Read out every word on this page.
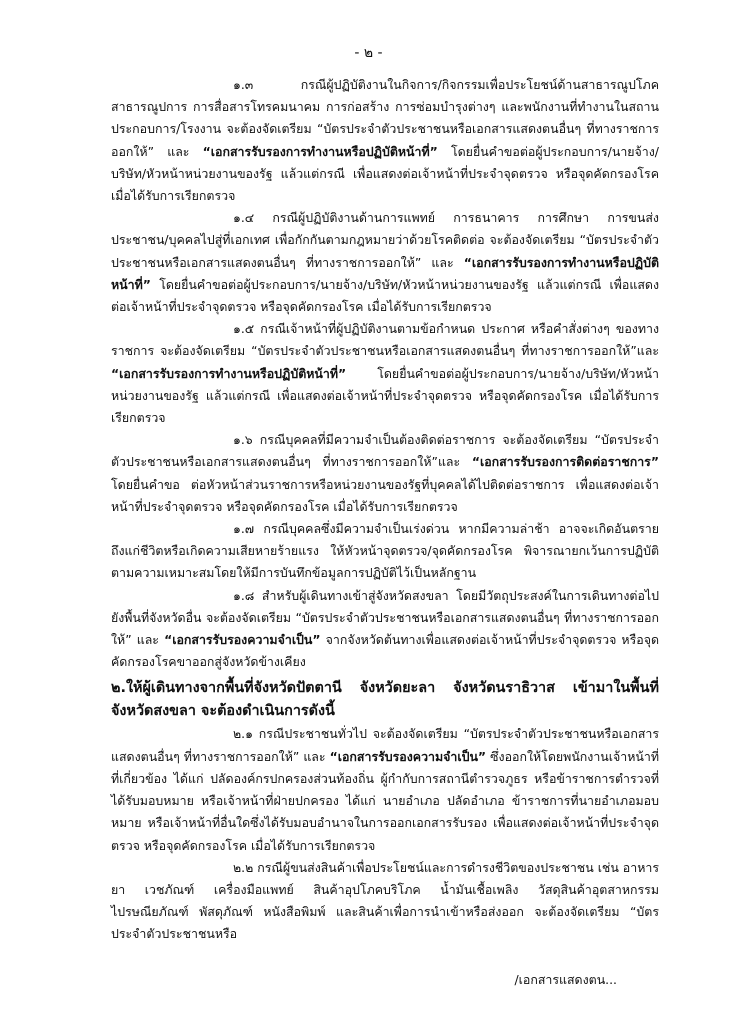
- ๒ -

๑.๓ กรณีผู้ปฏิบัติงานในกิจการ/กิจกรรมเพื่อประโยชน์ด้านสาธารณูปโภค สาธารณูปการ การสื่อสารโทรคมนาคม การก่อสร้าง การซ่อมบำรุงต่างๆ และพนักงานที่ทำงานในสถานประกอบการ/โรงงาน จะต้องจัดเตรียม “บัตรประจำตัวประชาชนหรือเอกสารแสดงตนอื่นๆ ที่ทางราชการออกให้” และ “เอกสารรับรองการทำงานหรือปฏิบัติหน้าที่” โดยยื่นคำขอต่อผู้ประกอบการ/นายจ้าง/บริษัท/หัวหน้าหน่วยงานของรัฐ แล้วแต่กรณี เพื่อแสดงต่อเจ้าหน้าที่ประจำจุดตรวจ หรือจุดคัดกรองโรค เมื่อได้รับการเรียกตรวจ

๑.๔ กรณีผู้ปฏิบัติงานด้านการแพทย์ การธนาคาร การศึกษา การขนส่งประชาชน/บุคคลไปสู่ที่เอกเทศ เพื่อกักกันตามกฎหมายว่าด้วยโรคติดต่อ จะต้องจัดเตรียม “บัตรประจำตัวประชาชนหรือเอกสารแสดงตนอื่นๆ ที่ทางราชการออกให้” และ “เอกสารรับรองการทำงานหรือปฏิบัติหน้าที่” โดยยื่นคำขอต่อผู้ประกอบการ/นายจ้าง/บริษัท/หัวหน้าหน่วยงานของรัฐ แล้วแต่กรณี เพื่อแสดงต่อเจ้าหน้าที่ประจำจุดตรวจ หรือจุดคัดกรองโรค เมื่อได้รับการเรียกตรวจ

๑.๕ กรณีเจ้าหน้าที่ผู้ปฏิบัติงานตามข้อกำหนด ประกาศ หรือคำสั่งต่างๆ ของทางราชการ จะต้องจัดเตรียม “บัตรประจำตัวประชาชนหรือเอกสารแสดงตนอื่นๆ ที่ทางราชการออกให้”และ “เอกสารรับรองการทำงานหรือปฏิบัติหน้าที่” โดยยื่นคำขอต่อผู้ประกอบการ/นายจ้าง/บริษัท/หัวหน้าหน่วยงานของรัฐ แล้วแต่กรณี เพื่อแสดงต่อเจ้าหน้าที่ประจำจุดตรวจ หรือจุดคัดกรองโรค เมื่อได้รับการเรียกตรวจ

๑.๖ กรณีบุคคลที่มีความจำเป็นต้องติดต่อราชการ จะต้องจัดเตรียม “บัตรประจำตัวประชาชนหรือเอกสารแสดงตนอื่นๆ ที่ทางราชการออกให้”และ “เอกสารรับรองการติดต่อราชการ” โดยยื่นคำขอ ต่อหัวหน้าส่วนราชการหรือหน่วยงานของรัฐที่บุคคลได้ไปติดต่อราชการ เพื่อแสดงต่อเจ้าหน้าที่ประจำจุดตรวจ หรือจุดคัดกรองโรค เมื่อได้รับการเรียกตรวจ

๑.๗ กรณีบุคคลซึ่งมีความจำเป็นเร่งด่วน หากมีความล่าช้า อาจจะเกิดอันตรายถึงแก่ชีวิตหรือเกิดความเสียหายร้ายแรง ให้หัวหน้าจุดตรวจ/จุดคัดกรองโรค พิจารณายกเว้นการปฏิบัติตามความเหมาะสมโดยให้มีการบันทึกข้อมูลการปฏิบัติไว้เป็นหลักฐาน

๑.๘ สำหรับผู้เดินทางเข้าสู่จังหวัดสงขลา โดยมีวัตถุประสงค์ในการเดินทางต่อไปยังพื้นที่จังหวัดอื่น จะต้องจัดเตรียม “บัตรประจำตัวประชาชนหรือเอกสารแสดงตนอื่นๆ ที่ทางราชการออกให้” และ “เอกสารรับรองความจำเป็น” จากจังหวัดต้นทางเพื่อแสดงต่อเจ้าหน้าที่ประจำจุดตรวจ หรือจุดคัดกรองโรคขาออกสู่จังหวัดข้างเคียง

๒.ให้ผู้เดินทางจากพื้นที่จังหวัดปัตตานี จังหวัดยะลา จังหวัดนราธิวาส เข้ามาในพื้นที่จังหวัดสงขลา จะต้องดำเนินการดังนี้

๒.๑ กรณีประชาชนทั่วไป จะต้องจัดเตรียม “บัตรประจำตัวประชาชนหรือเอกสารแสดงตนอื่นๆ ที่ทางราชการออกให้” และ “เอกสารรับรองความจำเป็น” ซึ่งออกให้โดยพนักงานเจ้าหน้าที่ที่เกี่ยวข้อง ได้แก่ ปลัดองค์กรปกครองส่วนท้องถิ่น ผู้กำกับการสถานีตำรวจภูธร หรือข้าราชการตำรวจที่ได้รับมอบหมาย หรือเจ้าหน้าที่ฝ่ายปกครอง ได้แก่ นายอำเภอ ปลัดอำเภอ ข้าราชการที่นายอำเภอมอบหมาย หรือเจ้าหน้าที่อื่นใดซึ่งได้รับมอบอำนาจในการออกเอกสารรับรอง เพื่อแสดงต่อเจ้าหน้าที่ประจำจุดตรวจ หรือจุดคัดกรองโรค เมื่อได้รับการเรียกตรวจ

๒.๒ กรณีผู้ขนส่งสินค้าเพื่อประโยชน์และการดำรงชีวิตของประชาชน เช่น อาหาร ยา เวชภัณฑ์ เครื่องมือแพทย์ สินค้าอุปโภคบริโภค น้ำมันเชื้อเพลิง วัสดุสินค้าอุตสาหกรรม ไปรษณียภัณฑ์ พัสดุภัณฑ์ หนังสือพิมพ์ และสินค้าเพื่อการนำเข้าหรือส่งออก จะต้องจัดเตรียม “บัตรประจำตัวประชาชนหรือ

/เอกสารแสดงตน...
